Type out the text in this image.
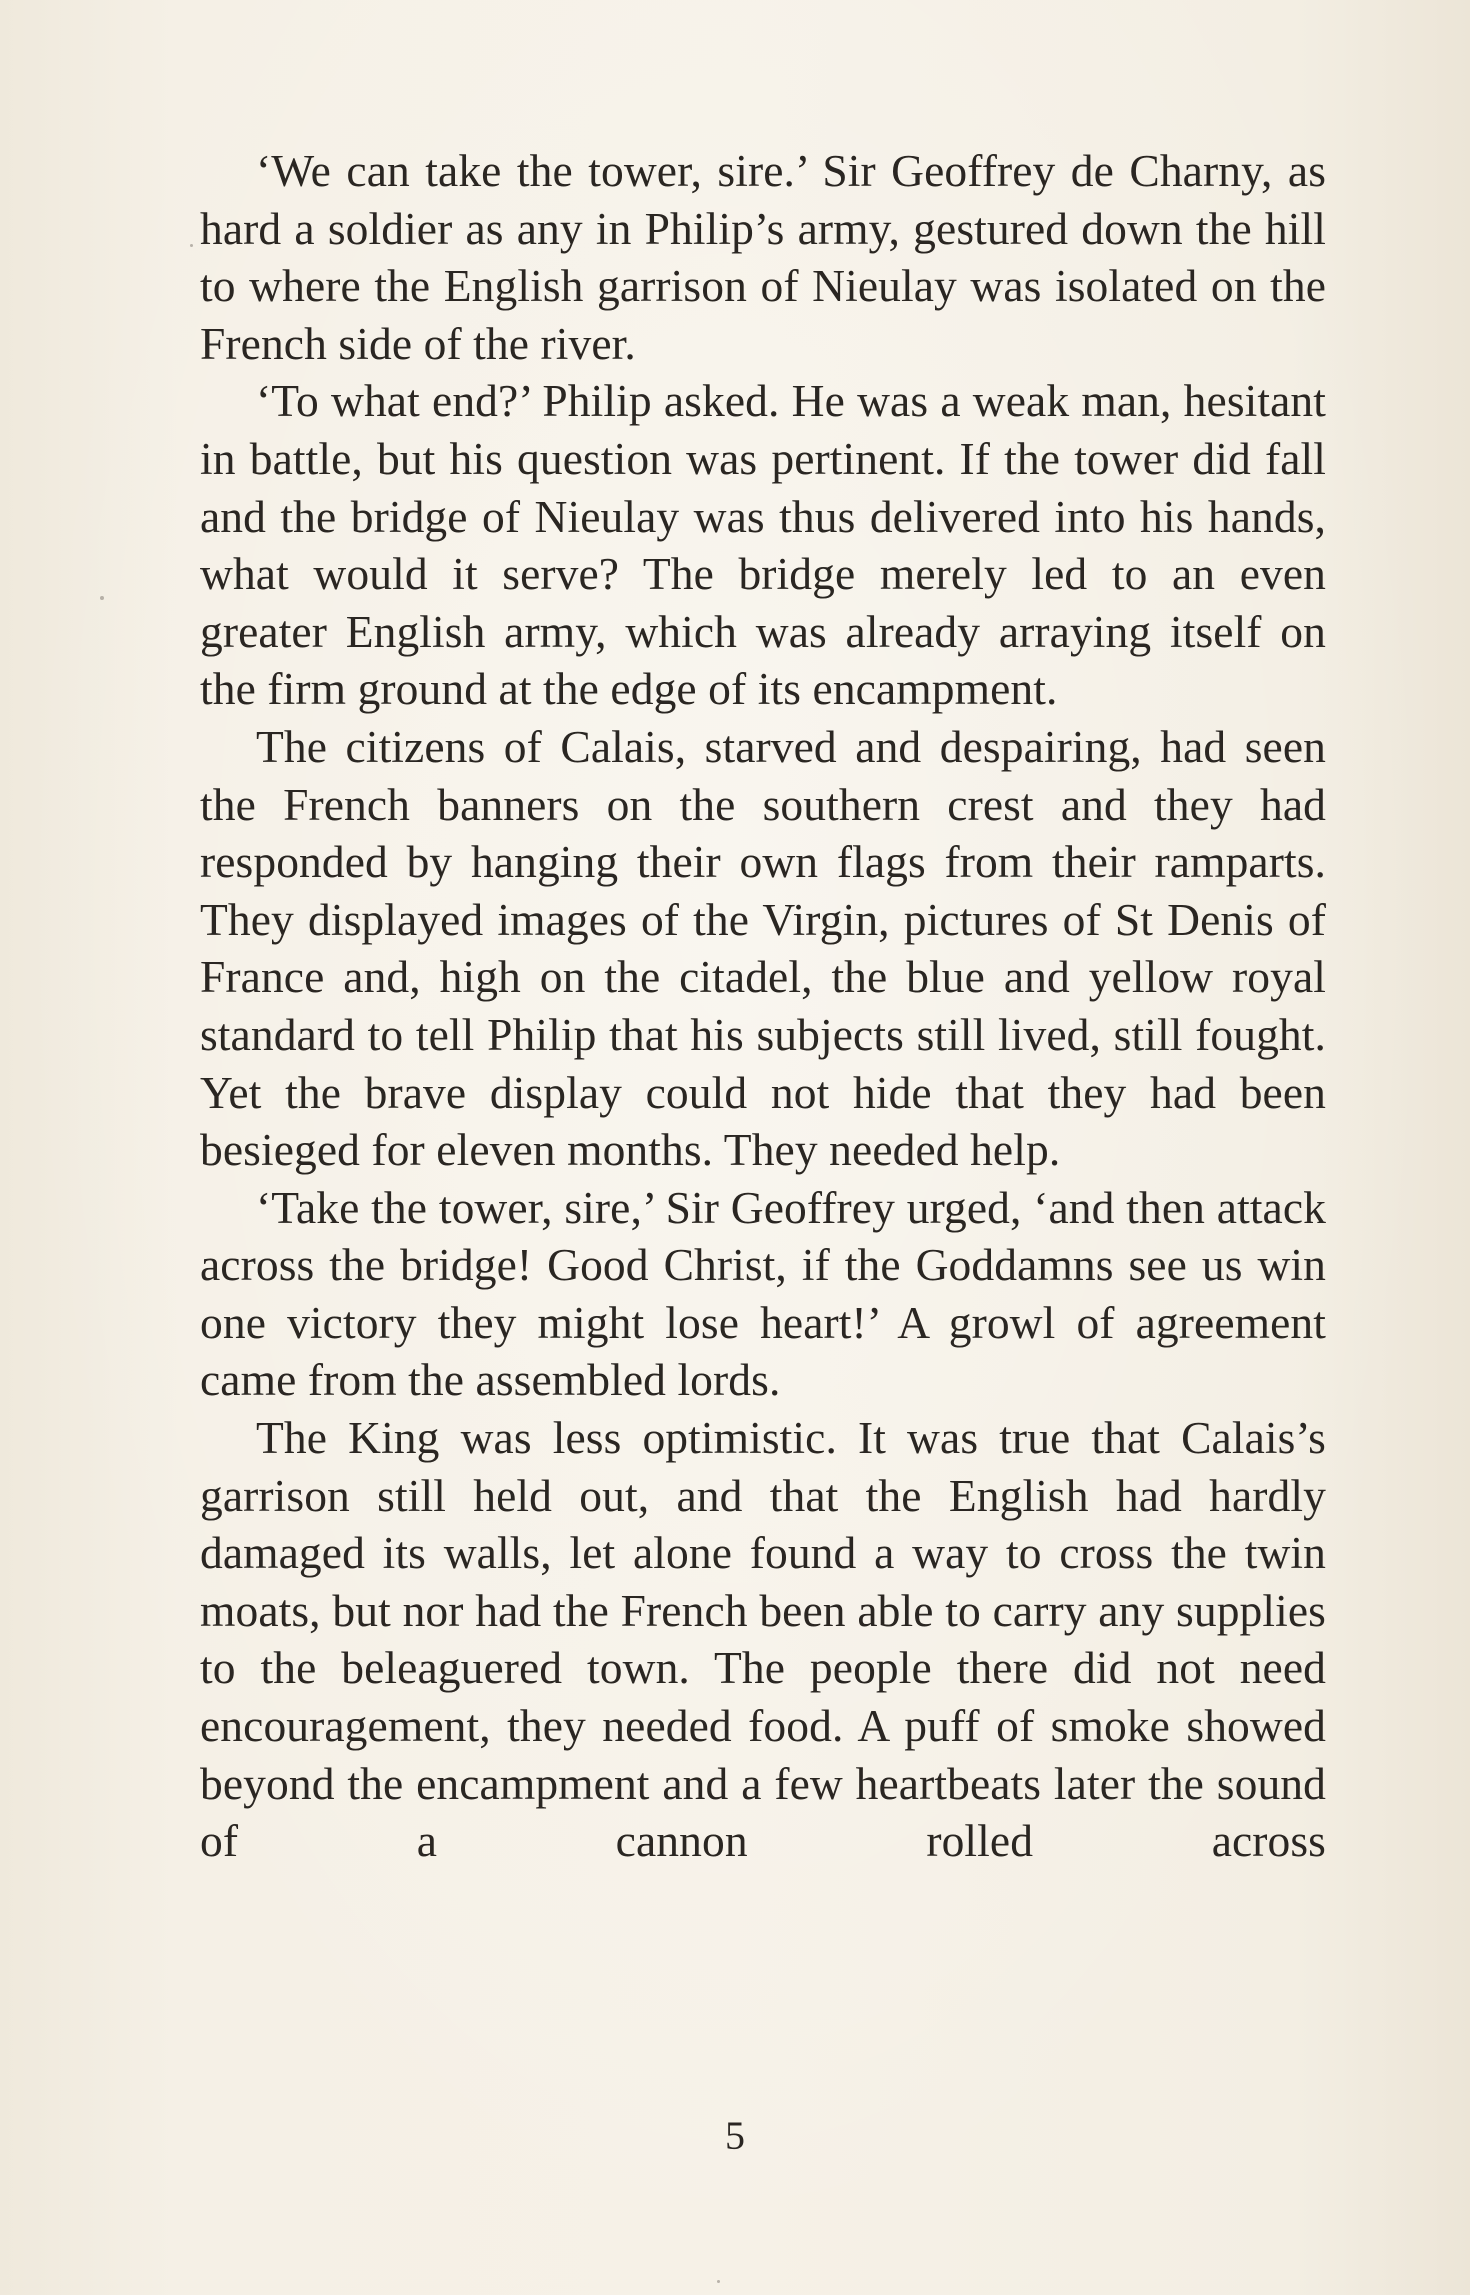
‘We can take the tower, sire.’ Sir Geoffrey de Charny, as hard a soldier as any in Philip’s army, gestured down the hill to where the English garrison of Nieulay was isolated on the French side of the river.

‘To what end?’ Philip asked. He was a weak man, hesitant in battle, but his question was pertinent. If the tower did fall and the bridge of Nieulay was thus delivered into his hands, what would it serve? The bridge merely led to an even greater English army, which was already arraying itself on the firm ground at the edge of its encampment.

The citizens of Calais, starved and despairing, had seen the French banners on the southern crest and they had responded by hanging their own flags from their ramparts. They displayed images of the Virgin, pictures of St Denis of France and, high on the citadel, the blue and yellow royal standard to tell Philip that his subjects still lived, still fought. Yet the brave display could not hide that they had been besieged for eleven months. They needed help.

‘Take the tower, sire,’ Sir Geoffrey urged, ‘and then attack across the bridge! Good Christ, if the Goddamns see us win one victory they might lose heart!’ A growl of agreement came from the assembled lords.

The King was less optimistic. It was true that Calais’s garrison still held out, and that the English had hardly damaged its walls, let alone found a way to cross the twin moats, but nor had the French been able to carry any supplies to the beleaguered town. The people there did not need encouragement, they needed food. A puff of smoke showed beyond the encampment and a few heartbeats later the sound of a cannon rolled across

5
